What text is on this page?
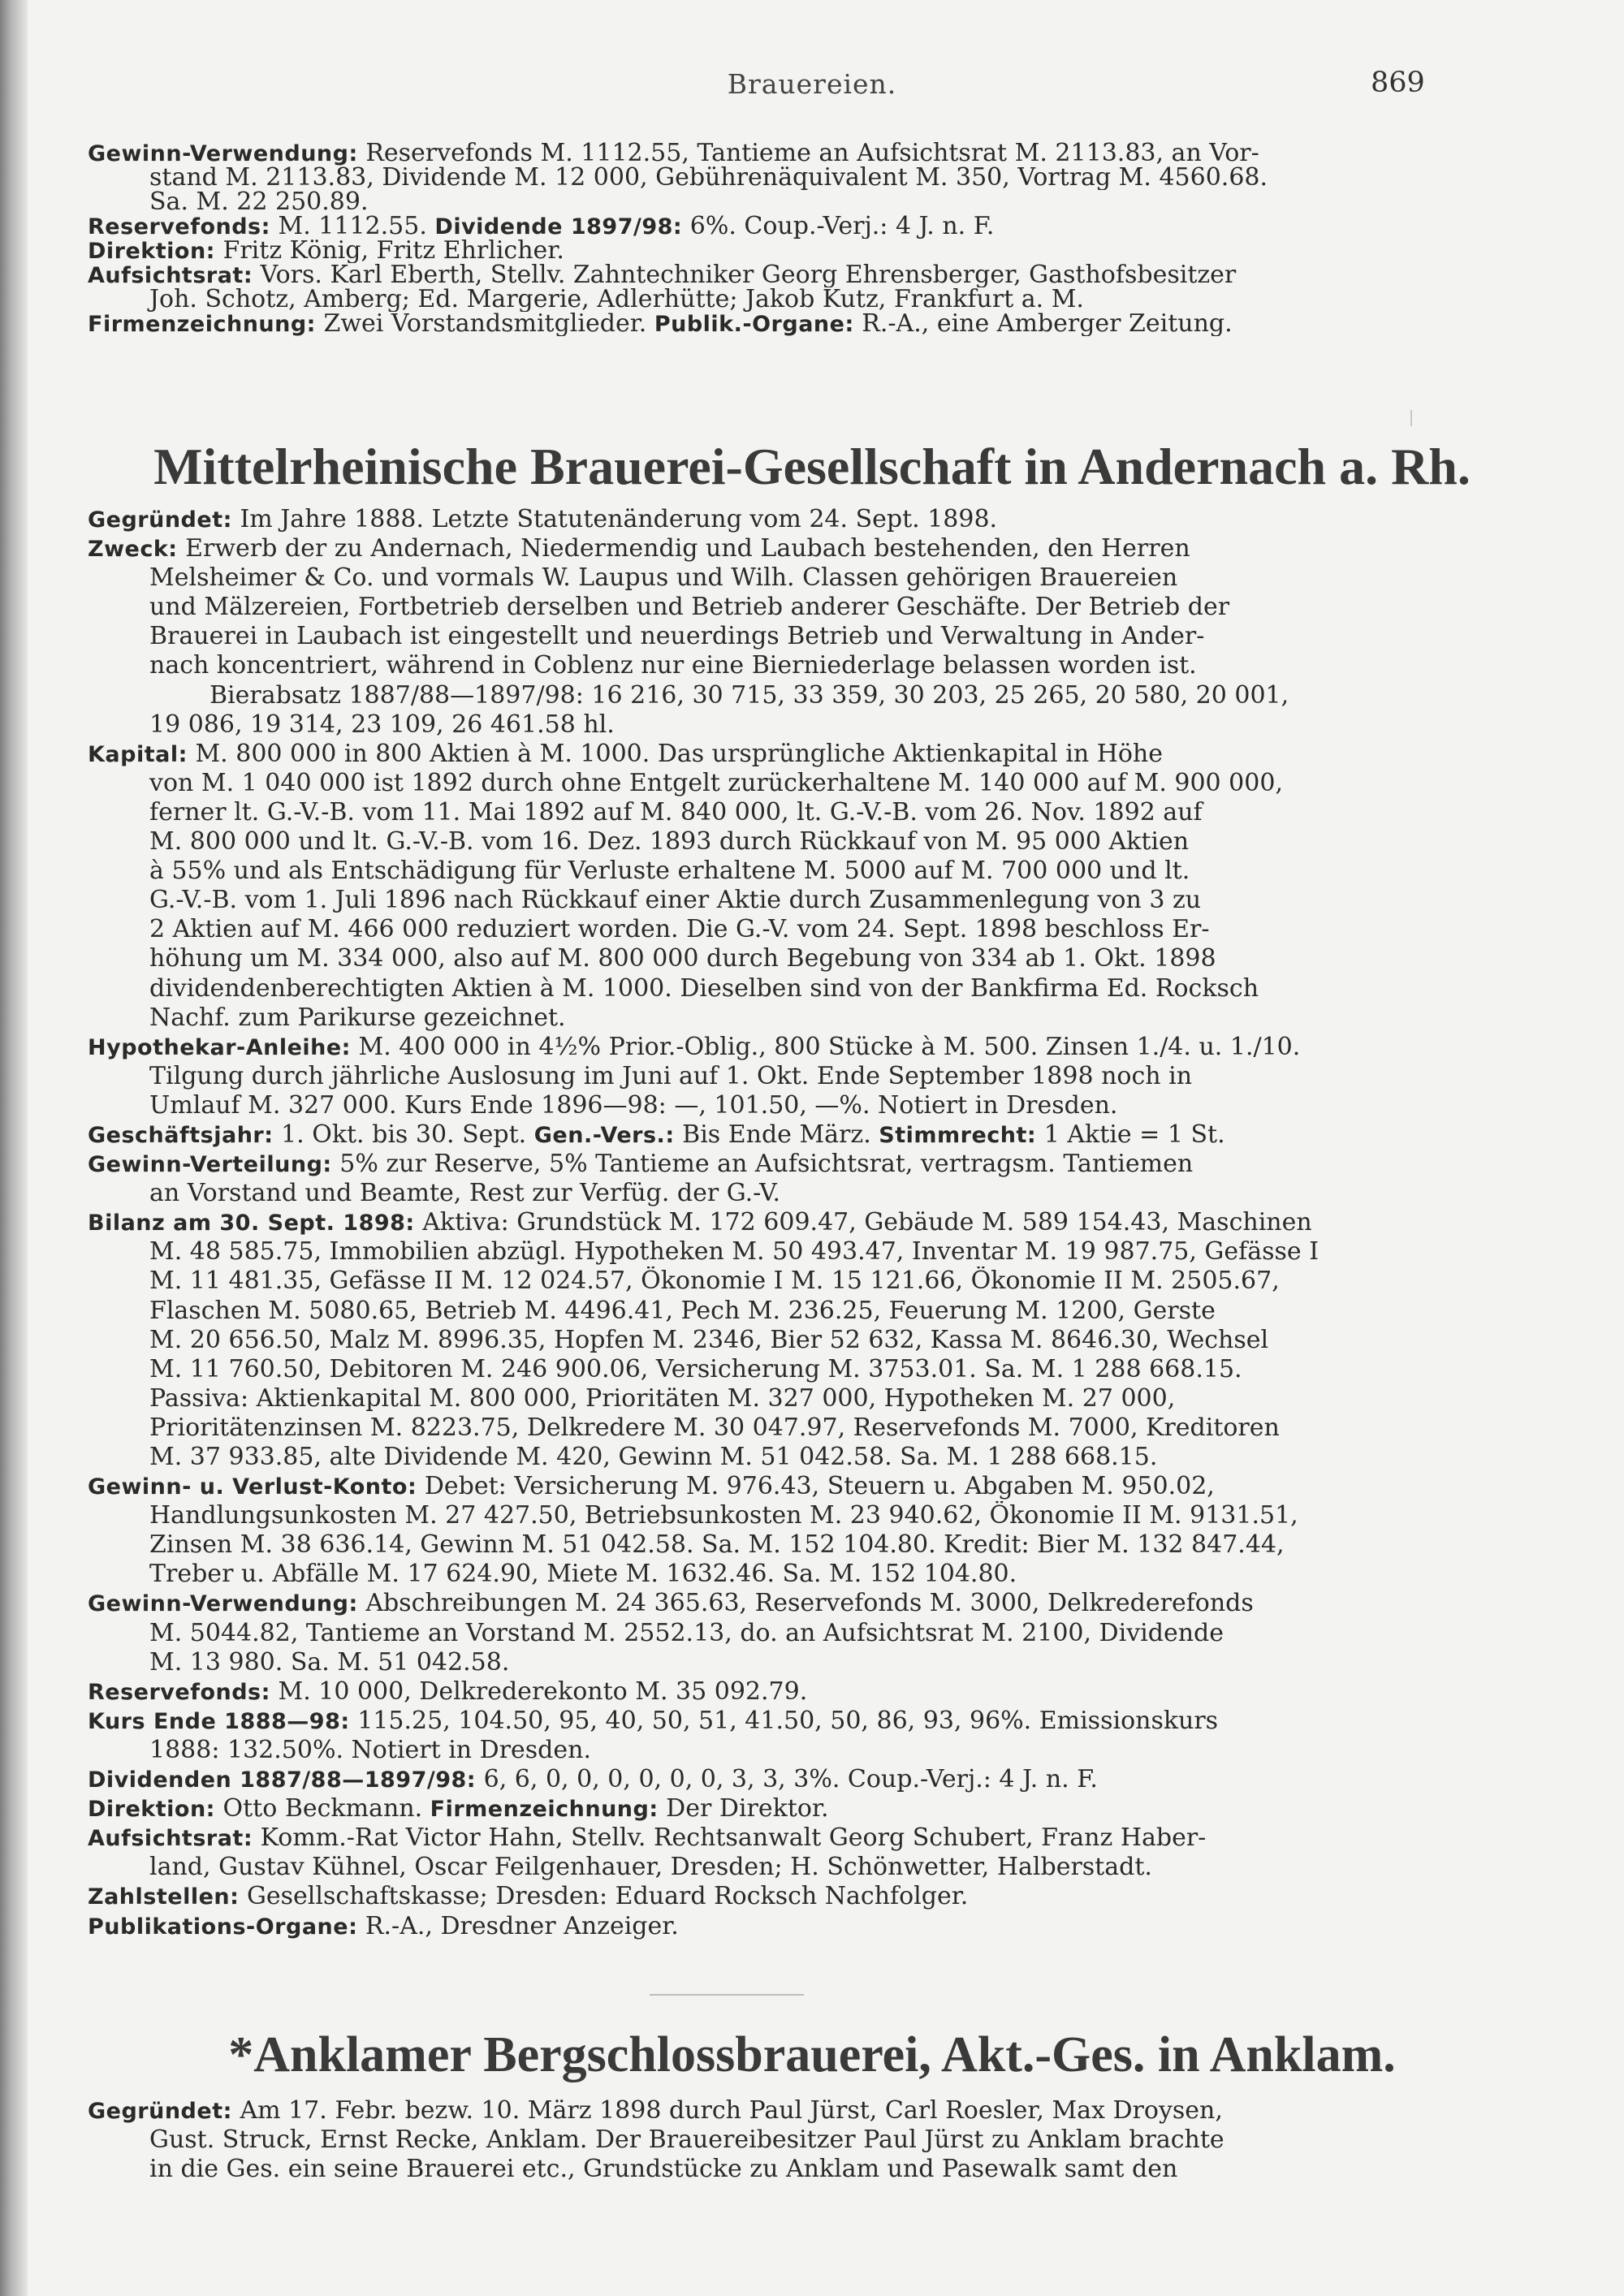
Brauereien.	869
Gewinn-Verwendung: Reservefonds M. 1112.55, Tantieme an Aufsichtsrat M. 2113.83, an Vor-
stand M. 2113.83, Dividende M. 12 000, Gebührenäquivalent M. 350, Vortrag M. 4560.68.
Sa. M. 22 250.89.
Reservefonds: M. 1112.55. Dividende 1897/98: 6%. Coup.-Verj.: 4 J. n. F.
Direktion: Fritz König, Fritz Ehrlicher.
Aufsichtsrat: Vors. Karl Eberth, Stellv. Zahntechniker Georg Ehrensberger, Gasthofsbesitzer
Joh. Schotz, Amberg; Ed. Margerie, Adlerhütte; Jakob Kutz, Frankfurt a. M.
Firmenzeichnung: Zwei Vorstandsmitglieder. Publik.-Organe: R.-A., eine Amberger Zeitung.
Mittelrheinische Brauerei-Gesellschaft in Andernach a. Rh.
Gegründet: Im Jahre 1888. Letzte Statutenänderung vom 24. Sept. 1898.
Zweck: Erwerb der zu Andernach, Niedermendig und Laubach bestehenden, den Herren
Melsheimer & Co. und vormals W. Laupus und Wilh. Classen gehörigen Brauereien
und Mälzereien, Fortbetrieb derselben und Betrieb anderer Geschäfte. Der Betrieb der
Brauerei in Laubach ist eingestellt und neuerdings Betrieb und Verwaltung in Ander-
nach koncentriert, während in Coblenz nur eine Bierniederlage belassen worden ist.
Bierabsatz 1887/88—1897/98: 16 216, 30 715, 33 359, 30 203, 25 265, 20 580, 20 001,
19 086, 19 314, 23 109, 26 461.58 hl.
Kapital: M. 800 000 in 800 Aktien à M. 1000. Das ursprüngliche Aktienkapital in Höhe
von M. 1 040 000 ist 1892 durch ohne Entgelt zurückerhaltene M. 140 000 auf M. 900 000,
ferner lt. G.-V.-B. vom 11. Mai 1892 auf M. 840 000, lt. G.-V.-B. vom 26. Nov. 1892 auf
M. 800 000 und lt. G.-V.-B. vom 16. Dez. 1893 durch Rückkauf von M. 95 000 Aktien
à 55% und als Entschädigung für Verluste erhaltene M. 5000 auf M. 700 000 und lt.
G.-V.-B. vom 1. Juli 1896 nach Rückkauf einer Aktie durch Zusammenlegung von 3 zu
2 Aktien auf M. 466 000 reduziert worden. Die G.-V. vom 24. Sept. 1898 beschloss Er-
höhung um M. 334 000, also auf M. 800 000 durch Begebung von 334 ab 1. Okt. 1898
dividendenberechtigten Aktien à M. 1000. Dieselben sind von der Bankfirma Ed. Rocksch
Nachf. zum Parikurse gezeichnet.
Hypothekar-Anleihe: M. 400 000 in 4½% Prior.-Oblig., 800 Stücke à M. 500. Zinsen 1./4. u. 1./10.
Tilgung durch jährliche Auslosung im Juni auf 1. Okt. Ende September 1898 noch in
Umlauf M. 327 000. Kurs Ende 1896—98: —, 101.50, —%. Notiert in Dresden.
Geschäftsjahr: 1. Okt. bis 30. Sept. Gen.-Vers.: Bis Ende März. Stimmrecht: 1 Aktie = 1 St.
Gewinn-Verteilung: 5% zur Reserve, 5% Tantieme an Aufsichtsrat, vertragsm. Tantiemen
an Vorstand und Beamte, Rest zur Verfüg. der G.-V.
Bilanz am 30. Sept. 1898: Aktiva: Grundstück M. 172 609.47, Gebäude M. 589 154.43, Maschinen
M. 48 585.75, Immobilien abzügl. Hypotheken M. 50 493.47, Inventar M. 19 987.75, Gefässe I
M. 11 481.35, Gefässe II M. 12 024.57, Ökonomie I M. 15 121.66, Ökonomie II M. 2505.67,
Flaschen M. 5080.65, Betrieb M. 4496.41, Pech M. 236.25, Feuerung M. 1200, Gerste
M. 20 656.50, Malz M. 8996.35, Hopfen M. 2346, Bier 52 632, Kassa M. 8646.30, Wechsel
M. 11 760.50, Debitoren M. 246 900.06, Versicherung M. 3753.01. Sa. M. 1 288 668.15.
Passiva: Aktienkapital M. 800 000, Prioritäten M. 327 000, Hypotheken M. 27 000,
Prioritätenzinsen M. 8223.75, Delkredere M. 30 047.97, Reservefonds M. 7000, Kreditoren
M. 37 933.85, alte Dividende M. 420, Gewinn M. 51 042.58. Sa. M. 1 288 668.15.
Gewinn- u. Verlust-Konto: Debet: Versicherung M. 976.43, Steuern u. Abgaben M. 950.02,
Handlungsunkosten M. 27 427.50, Betriebsunkosten M. 23 940.62, Ökonomie II M. 9131.51,
Zinsen M. 38 636.14, Gewinn M. 51 042.58. Sa. M. 152 104.80. Kredit: Bier M. 132 847.44,
Treber u. Abfälle M. 17 624.90, Miete M. 1632.46. Sa. M. 152 104.80.
Gewinn-Verwendung: Abschreibungen M. 24 365.63, Reservefonds M. 3000, Delkrederefonds
M. 5044.82, Tantieme an Vorstand M. 2552.13, do. an Aufsichtsrat M. 2100, Dividende
M. 13 980. Sa. M. 51 042.58.
Reservefonds: M. 10 000, Delkrederekonto M. 35 092.79.
Kurs Ende 1888—98: 115.25, 104.50, 95, 40, 50, 51, 41.50, 50, 86, 93, 96%. Emissionskurs
1888: 132.50%. Notiert in Dresden.
Dividenden 1887/88—1897/98: 6, 6, 0, 0, 0, 0, 0, 0, 3, 3, 3%. Coup.-Verj.: 4 J. n. F.
Direktion: Otto Beckmann. Firmenzeichnung: Der Direktor.
Aufsichtsrat: Komm.-Rat Victor Hahn, Stellv. Rechtsanwalt Georg Schubert, Franz Haber-
land, Gustav Kühnel, Oscar Feilgenhauer, Dresden; H. Schönwetter, Halberstadt.
Zahlstellen: Gesellschaftskasse; Dresden: Eduard Rocksch Nachfolger.
Publikations-Organe: R.-A., Dresdner Anzeiger.
*Anklamer Bergschlossbrauerei, Akt.-Ges. in Anklam.
Gegründet: Am 17. Febr. bezw. 10. März 1898 durch Paul Jürst, Carl Roesler, Max Droysen,
Gust. Struck, Ernst Recke, Anklam. Der Brauereibesitzer Paul Jürst zu Anklam brachte
in die Ges. ein seine Brauerei etc., Grundstücke zu Anklam und Pasewalk samt den
